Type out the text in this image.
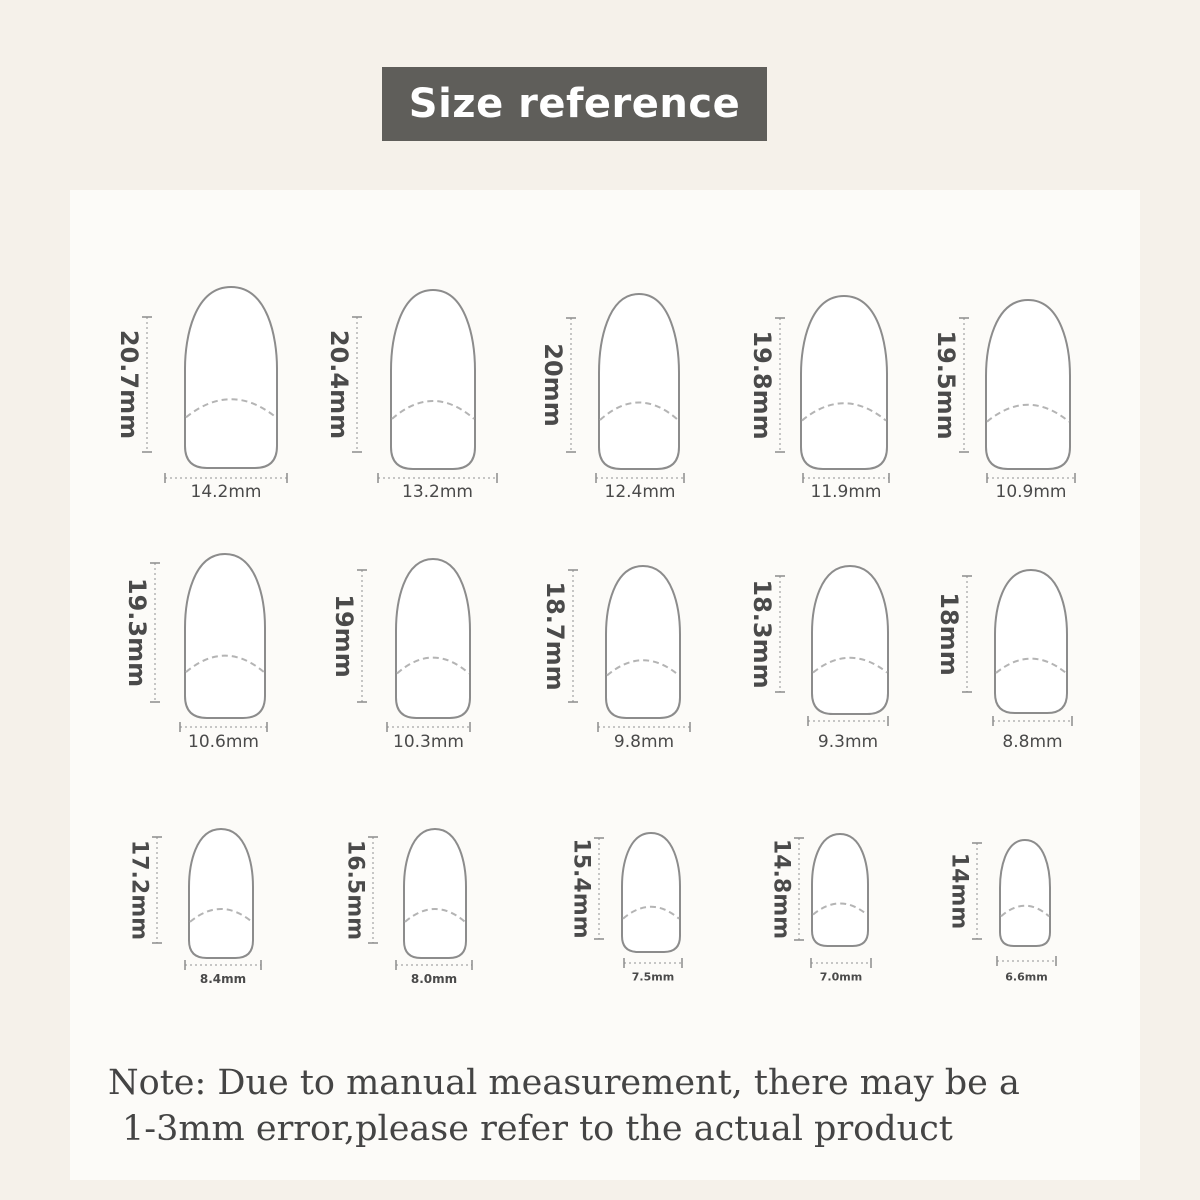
Size reference
20.7mm
14.2mm
20.4mm
13.2mm
20mm
12.4mm
19.8mm
11.9mm
19.5mm
10.9mm
19.3mm
10.6mm
19mm
10.3mm
18.7mm
9.8mm
18.3mm
9.3mm
18mm
8.8mm
17.2mm
8.4mm
16.5mm
8.0mm
15.4mm
7.5mm
14.8mm
7.0mm
14mm
6.6mm
Note: Due to manual measurement, there may be a
1-3mm error,please refer to the actual product
